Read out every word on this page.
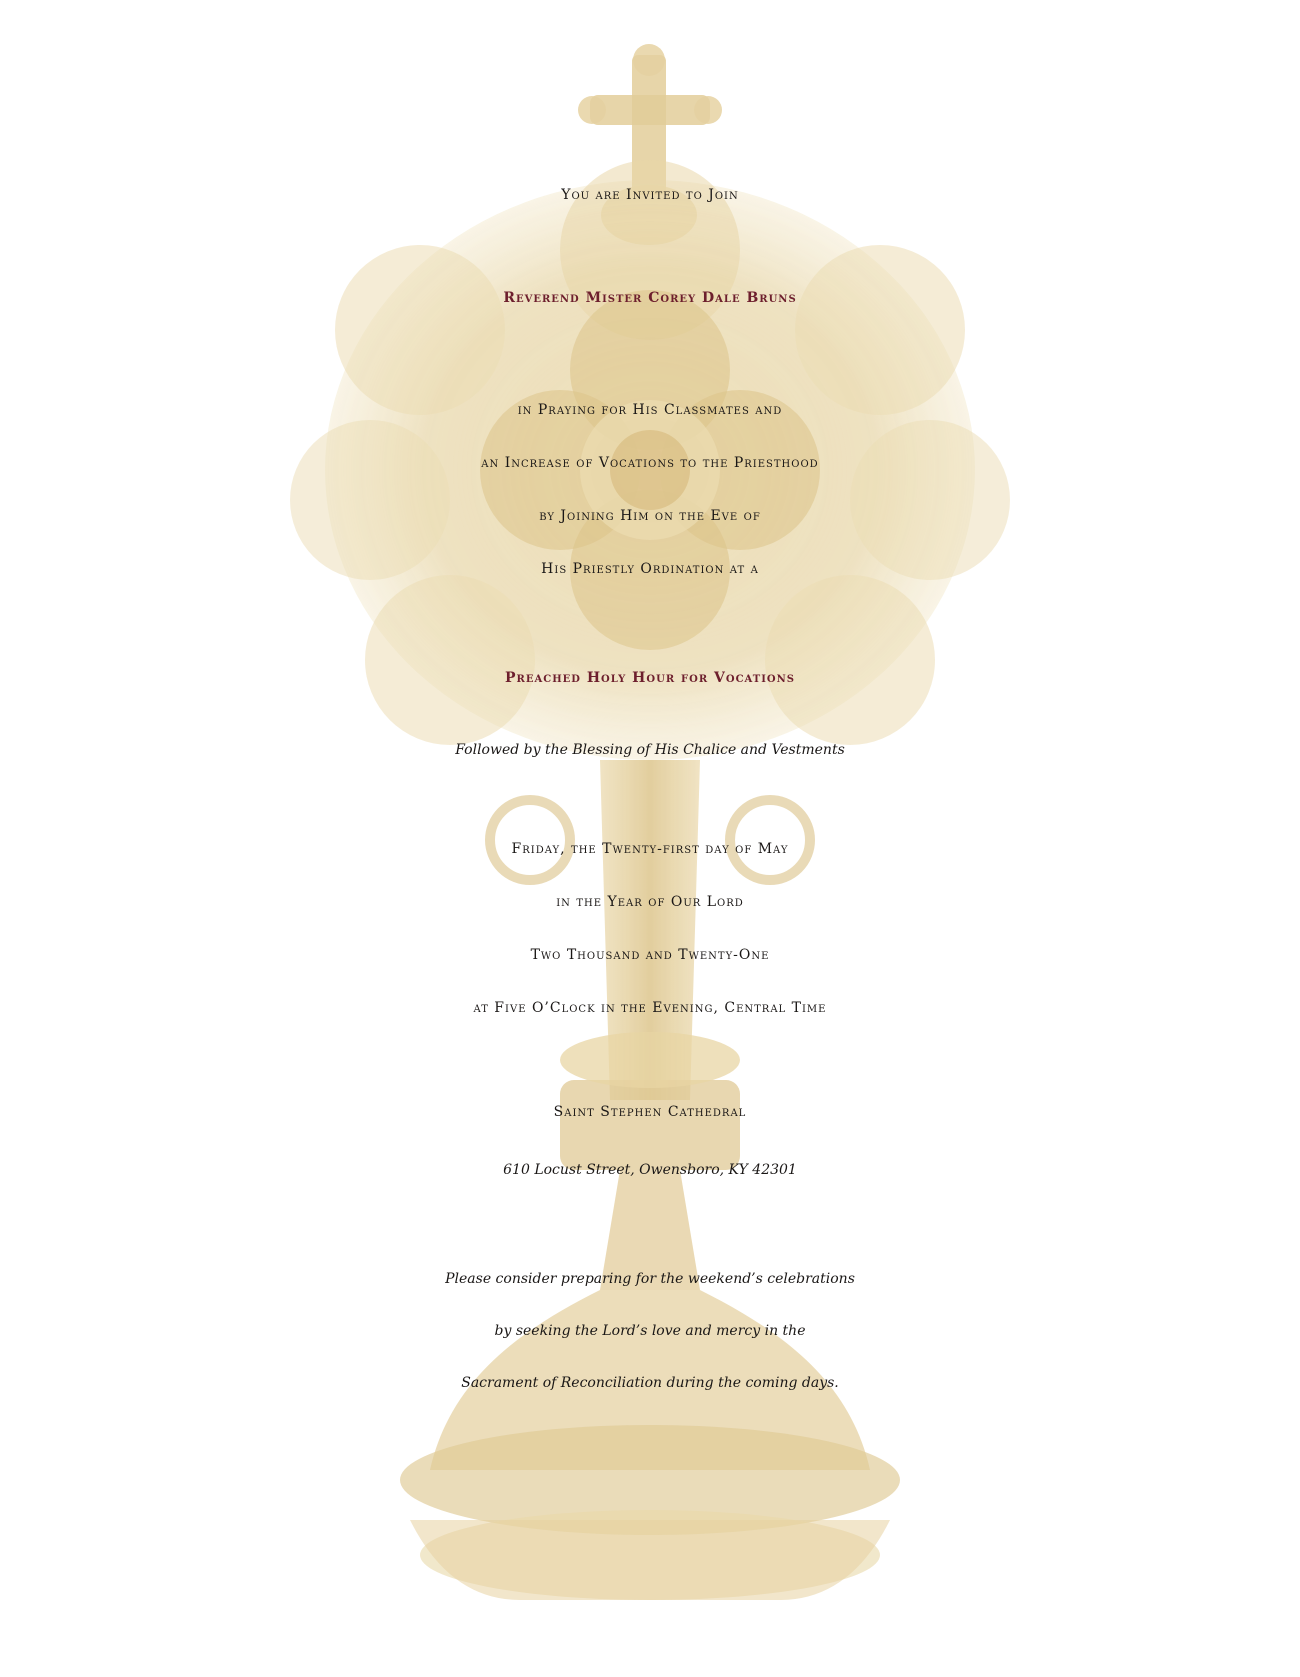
You are Invited to Join
Reverend Mister Corey Dale Bruns
in Praying for His Classmates and
an Increase of Vocations to the Priesthood
by Joining Him on the Eve of
His Priestly Ordination at a
Preached Holy Hour for Vocations
Followed by the Blessing of His Chalice and Vestments
Friday, the Twenty-first day of May
in the Year of Our Lord
Two Thousand and Twenty-One
at Five O’Clock in the Evening, Central Time
Saint Stephen Cathedral
610 Locust Street, Owensboro, KY 42301
Please consider preparing for the weekend’s celebrations
by seeking the Lord’s love and mercy in the
Sacrament of Reconciliation during the coming days.
